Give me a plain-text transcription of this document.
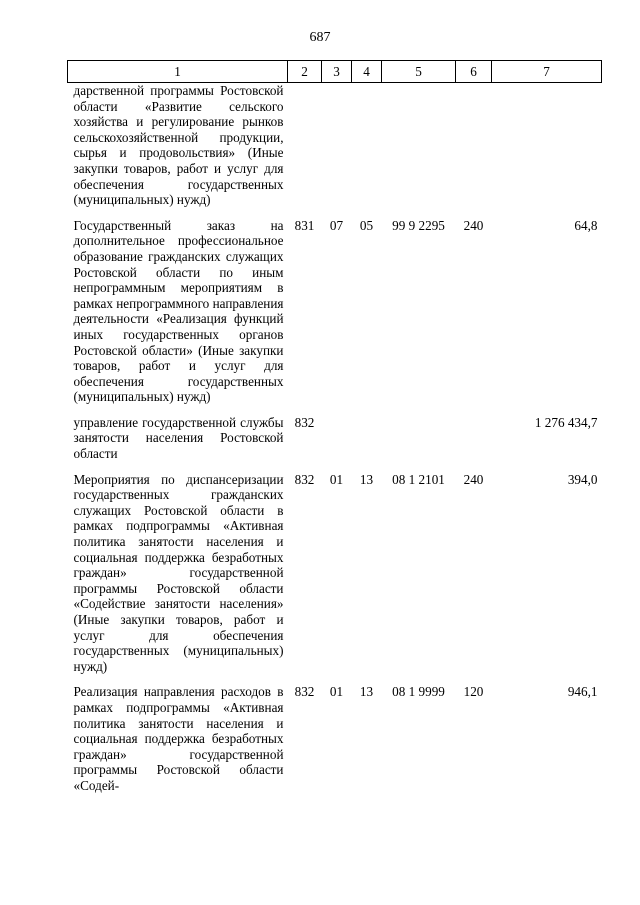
687
1	2	3	4	5	6	7
дарственной программы Ростовской области «Развитие сельского хозяйства и регулирование рынков сельскохозяйственной продукции, сырья и продовольствия» (Иные закупки товаров, работ и услуг для обеспечения государственных (муниципальных) нужд)						
Государственный заказ на дополнительное профессиональное образование гражданских служащих Ростовской области по иным непрограммным мероприятиям в рамках непрограммного направления деятельности «Реализация функций иных государственных органов Ростовской области» (Иные закупки товаров, работ и услуг для обеспечения государственных (муниципальных) нужд)	831	07	05	99 9 2295	240	64,8
управление государственной службы занятости населения Ростовской области	832					1 276 434,7
Мероприятия по диспансеризации государственных гражданских служащих Ростовской области в рамках подпрограммы «Активная политика занятости населения и социальная поддержка безработных граждан» государственной программы Ростовской области «Содействие занятости населения» (Иные закупки товаров, работ и услуг для обеспечения государственных (муниципальных) нужд)	832	01	13	08 1 2101	240	394,0
Реализация направления расходов в рамках подпрограммы «Активная политика занятости населения и социальная поддержка безработных граждан» государственной программы Ростовской области «Содей-	832	01	13	08 1 9999	120	946,1
